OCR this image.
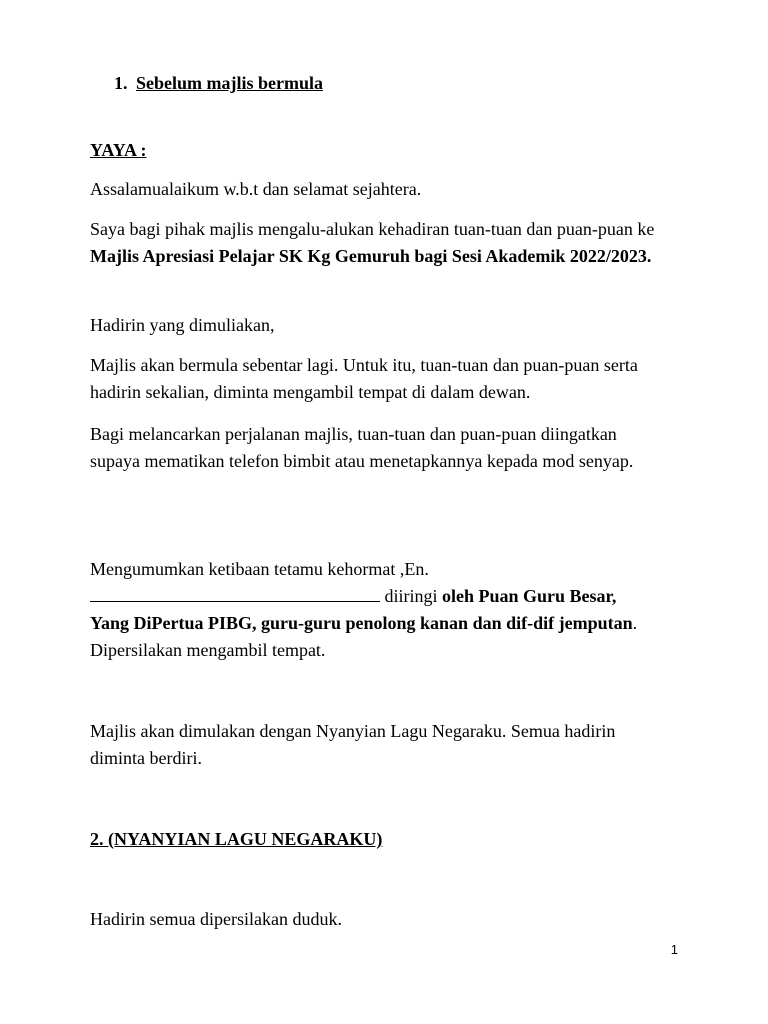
1. Sebelum majlis bermula
YAYA :
Assalamualaikum w.b.t dan selamat sejahtera.
Saya bagi pihak majlis mengalu-alukan kehadiran tuan-tuan dan puan-puan ke Majlis Apresiasi Pelajar SK Kg Gemuruh bagi Sesi Akademik 2022/2023.
Hadirin yang dimuliakan,
Majlis akan bermula sebentar lagi. Untuk itu, tuan-tuan dan puan-puan serta hadirin sekalian, diminta mengambil tempat di dalam dewan.
Bagi melancarkan perjalanan majlis, tuan-tuan dan puan-puan diingatkan supaya mematikan telefon bimbit atau menetapkannya kepada mod senyap.
Mengumumkan ketibaan tetamu kehormat ,En.
diiringi oleh Puan Guru Besar, Yang DiPertua PIBG, guru-guru penolong kanan dan dif-dif jemputan. Dipersilakan mengambil tempat.
Majlis akan dimulakan dengan Nyanyian Lagu Negaraku. Semua hadirin diminta berdiri.
2. (NYANYIAN LAGU NEGARAKU)
Hadirin semua dipersilakan duduk.
1
